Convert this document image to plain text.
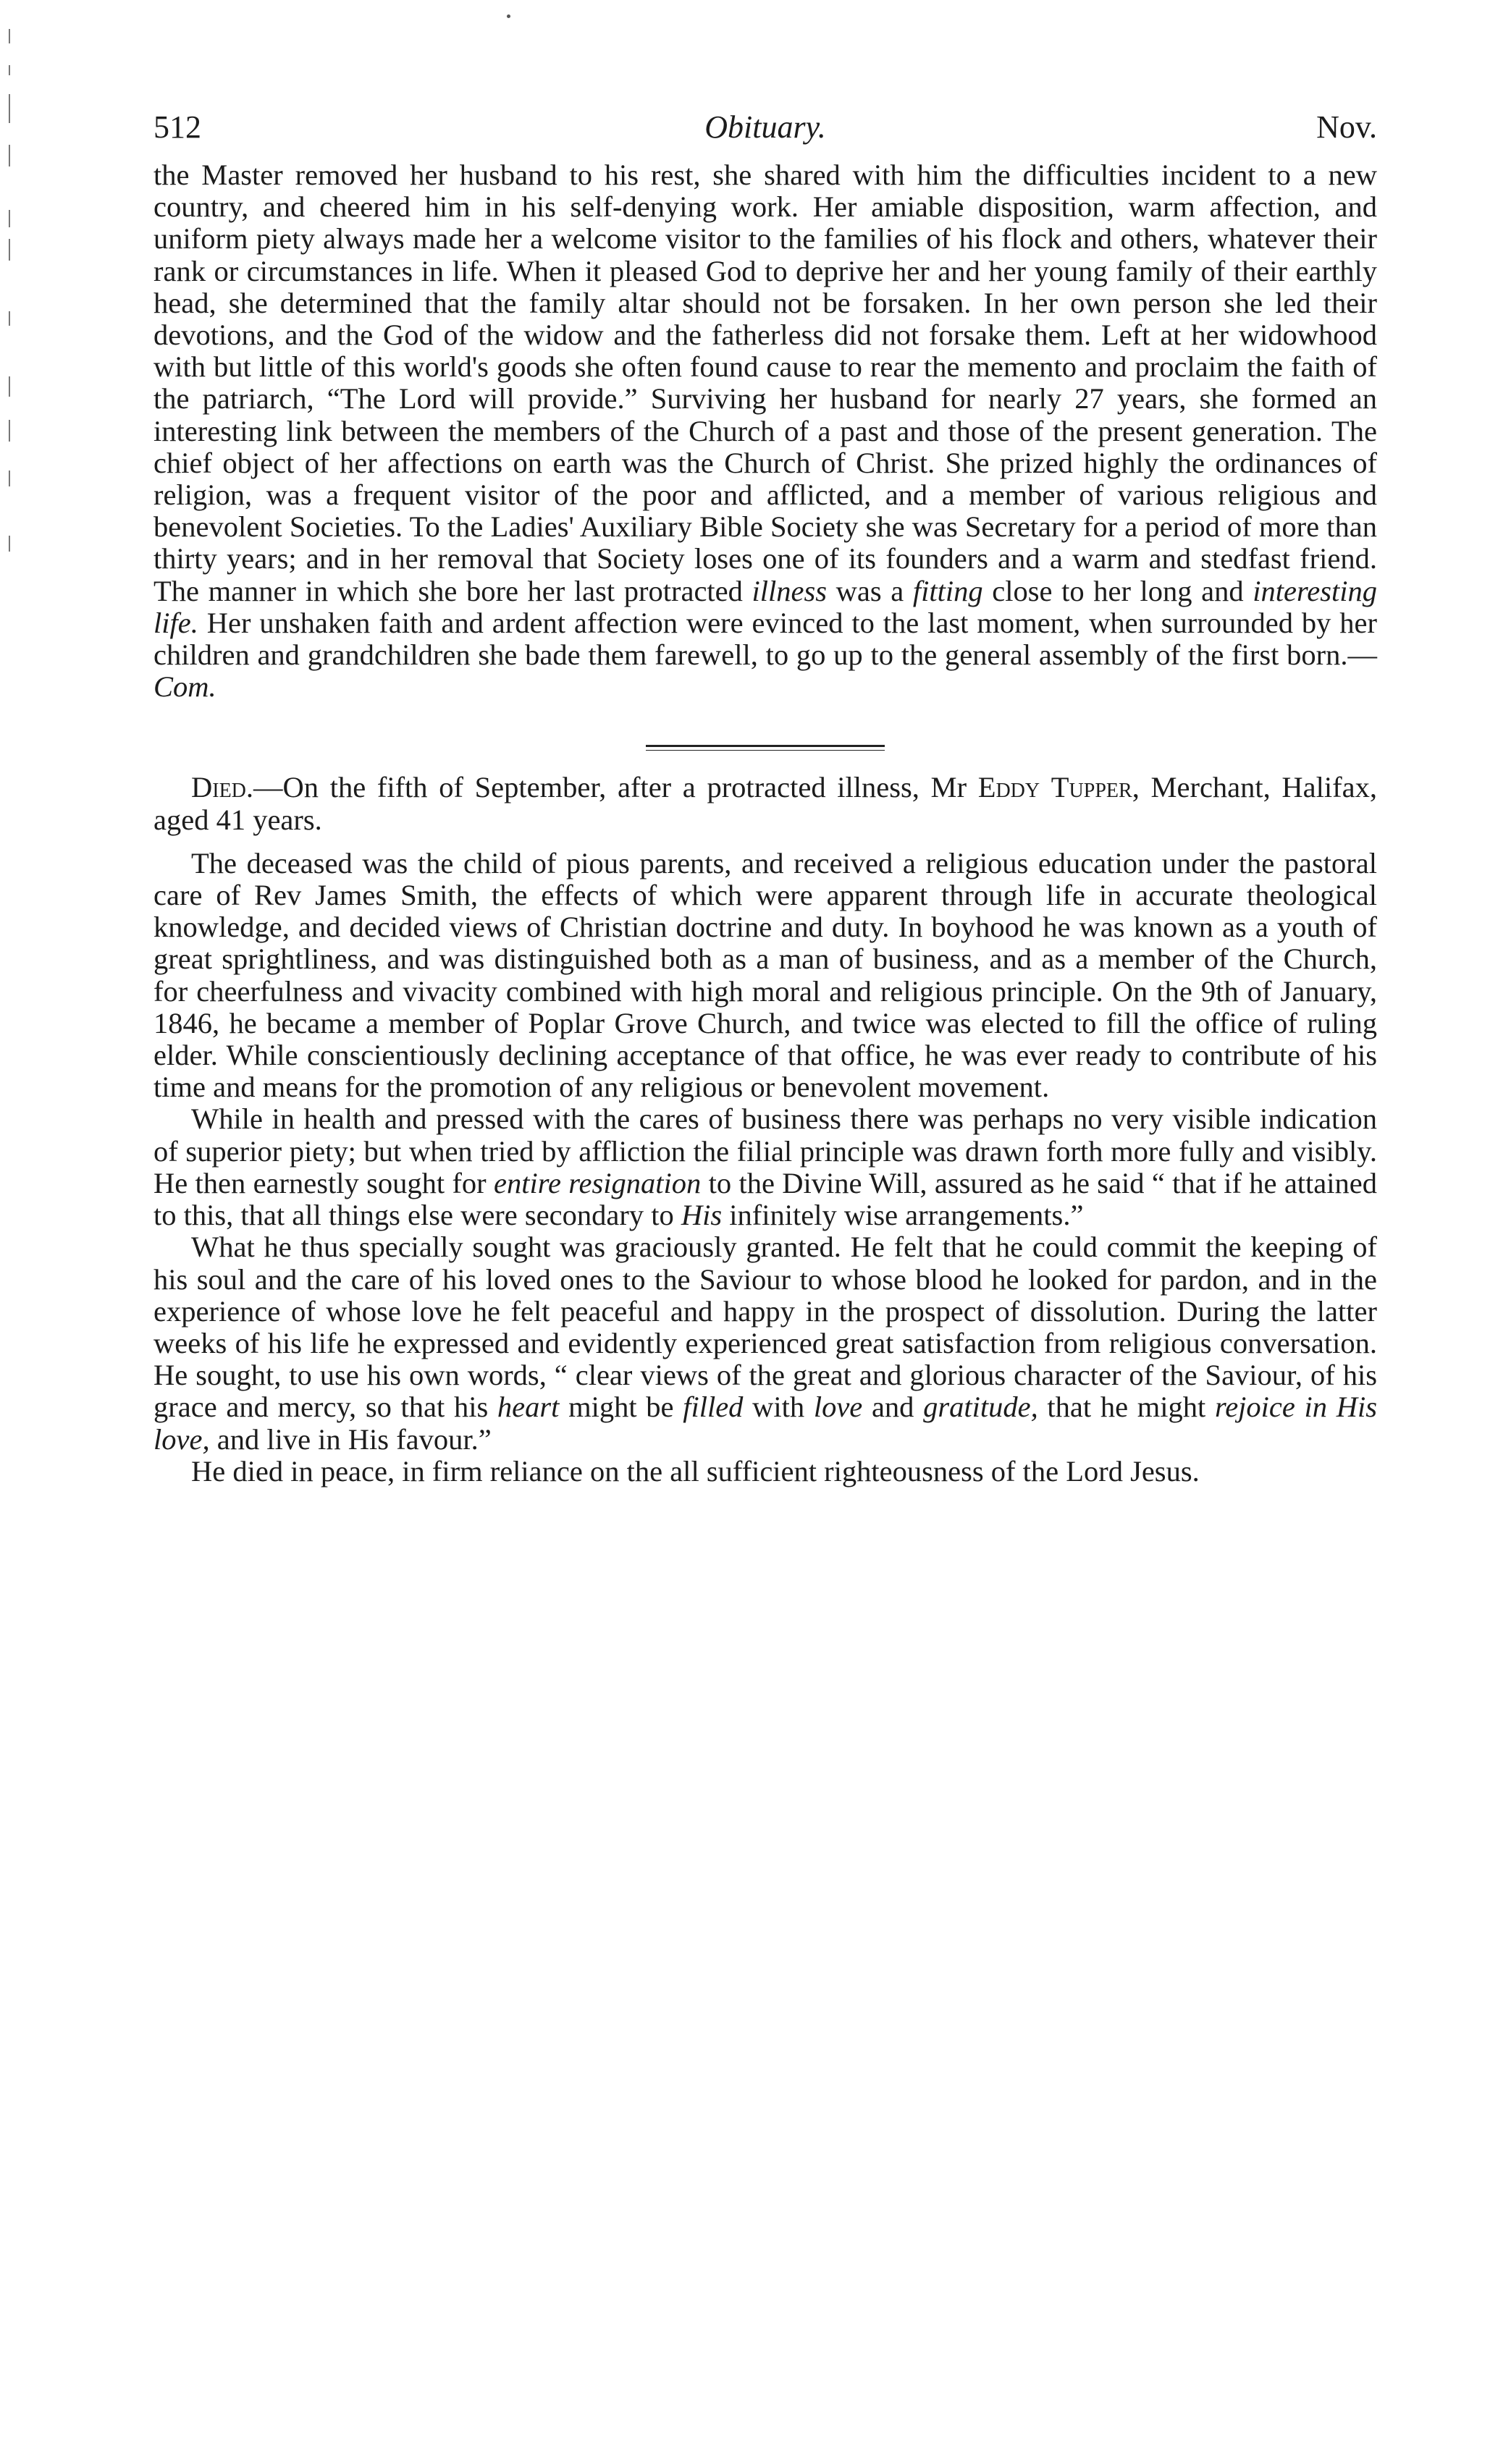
512	Obituary.	Nov.

the Master removed her husband to his rest, she shared with him the difficulties incident to a new country, and cheered him in his self-denying work. Her amiable disposition, warm affection, and uniform piety always made her a welcome visitor to the families of his flock and others, whatever their rank or circumstances in life. When it pleased God to deprive her and her young family of their earthly head, she determined that the family altar should not be forsaken. In her own person she led their devotions, and the God of the widow and the fatherless did not forsake them. Left at her widowhood with but little of this world's goods she often found cause to rear the memento and proclaim the faith of the patriarch, “The Lord will provide.” Surviving her husband for nearly 27 years, she formed an interesting link between the members of the Church of a past and those of the present generation. The chief object of her affections on earth was the Church of Christ. She prized highly the ordinances of religion, was a frequent visitor of the poor and afflicted, and a member of various religious and benevolent Societies. To the Ladies' Auxiliary Bible Society she was Secretary for a period of more than thirty years; and in her removal that Society loses one of its founders and a warm and stedfast friend. The manner in which she bore her last protracted illness was a fitting close to her long and interesting life. Her unshaken faith and ardent affection were evinced to the last moment, when surrounded by her children and grandchildren she bade them farewell, to go up to the general assembly of the first born.— Com.

Died.—On the fifth of September, after a protracted illness, Mr Eddy Tupper, Merchant, Halifax, aged 41 years.

The deceased was the child of pious parents, and received a religious education under the pastoral care of Rev James Smith, the effects of which were apparent through life in accurate theological knowledge, and decided views of Christian doctrine and duty. In boyhood he was known as a youth of great sprightliness, and was distinguished both as a man of business, and as a member of the Church, for cheerfulness and vivacity combined with high moral and religious principle. On the 9th of January, 1846, he became a member of Poplar Grove Church, and twice was elected to fill the office of ruling elder. While conscientiously declining acceptance of that office, he was ever ready to contribute of his time and means for the promotion of any religious or benevolent movement.

While in health and pressed with the cares of business there was perhaps no very visible indication of superior piety; but when tried by affliction the filial principle was drawn forth more fully and visibly. He then earnestly sought for entire resignation to the Divine Will, assured as he said “ that if he attained to this, that all things else were secondary to His infinitely wise arrangements.”

What he thus specially sought was graciously granted. He felt that he could commit the keeping of his soul and the care of his loved ones to the Saviour to whose blood he looked for pardon, and in the experience of whose love he felt peaceful and happy in the prospect of dissolution. During the latter weeks of his life he expressed and evidently experienced great satisfaction from religious conversation. He sought, to use his own words, “ clear views of the great and glorious character of the Saviour, of his grace and mercy, so that his heart might be filled with love and gratitude, that he might rejoice in His love, and live in His favour.”

He died in peace, in firm reliance on the all sufficient righteousness of the Lord Jesus.
